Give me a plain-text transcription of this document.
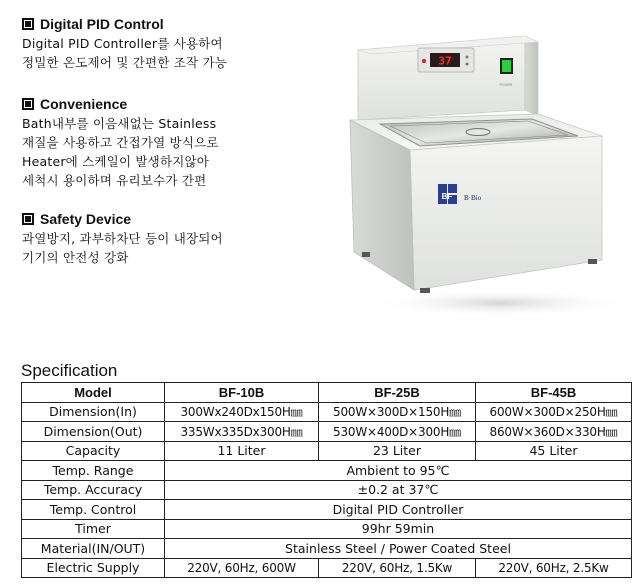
Digital PID Control
Digital PID Controller를 사용하여
정밀한 온도제어 및 간편한 조작 가능
Convenience
Bath내부를 이음새없는 Stainless
재질을 사용하고 간접가열 방식으로
Heater에 스케일이 발생하지않아
세척시 용이하며 유리보수가 간편
Safety Device
과열방지, 과부하차단 등이 내장되어
기기의 안전성 강화
37
POWER
BF B·Bio
Specification
Model	BF-10B	BF-25B	BF-45B
Dimension(In)	300Wx240Dx150H㎜	500W×300D×150H㎜	600W×300D×250H㎜
Dimension(Out)	335Wx335Dx300H㎜	530W×400D×300H㎜	860W×360D×330H㎜
Capacity	11 Liter	23 Liter	45 Liter
Temp. Range	Ambient to 95℃		
Temp. Accuracy	±0.2 at 37℃		
Temp. Control	Digital PID Controller		
Timer	99hr 59min		
Material(IN/OUT)	Stainless Steel / Power Coated Steel		
Electric Supply	220V, 60Hz, 600W	220V, 60Hz, 1.5Kw	220V, 60Hz, 2.5Kw
